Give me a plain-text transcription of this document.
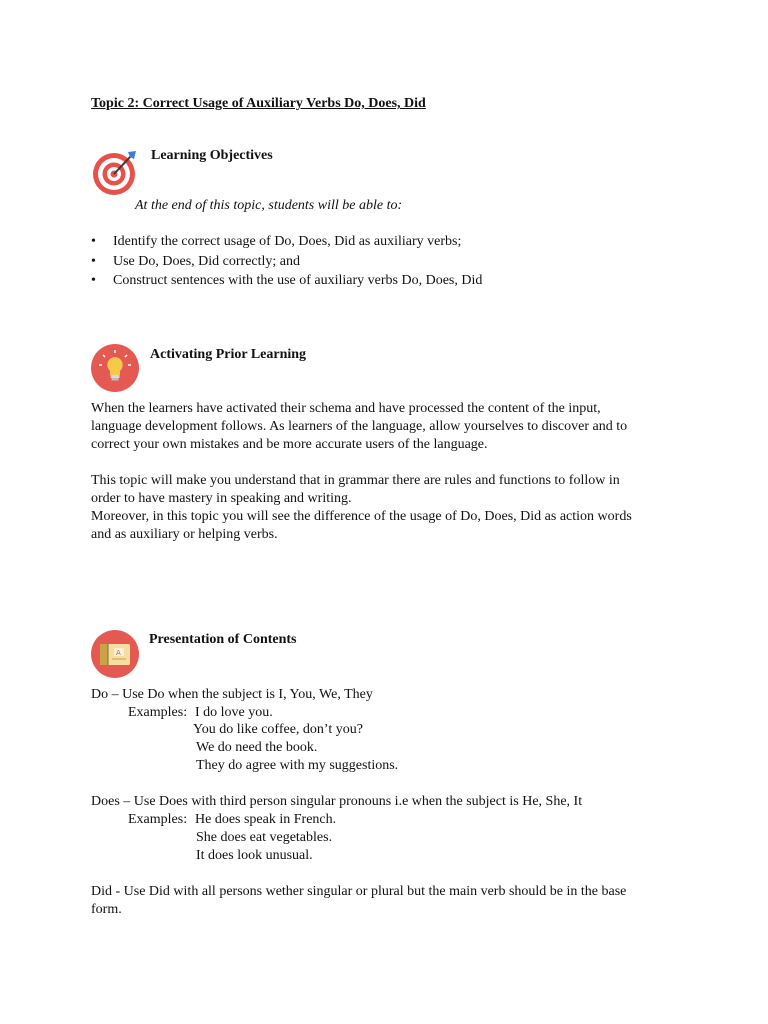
Topic 2: Correct Usage of Auxiliary Verbs Do, Does, Did
Learning Objectives
At the end of this topic, students will be able to:
• Identify the correct usage of Do, Does, Did as auxiliary verbs;
• Use Do, Does, Did correctly; and
• Construct sentences with the use of auxiliary verbs Do, Does, Did
Activating Prior Learning
When the learners have activated their schema and have processed the content of the input,
language development follows. As learners of the language, allow yourselves to discover and to
correct your own mistakes and be more accurate users of the language.
This topic will make you understand that in grammar there are rules and functions to follow in
order to have mastery in speaking and writing.
Moreover, in this topic you will see the difference of the usage of Do, Does, Did as action words
and as auxiliary or helping verbs.
A
Presentation of Contents
Do – Use Do when the subject is I, You, We, They
Examples: I do love you.
You do like coffee, don’t you?
We do need the book.
They do agree with my suggestions.
Does – Use Does with third person singular pronouns i.e when the subject is He, She, It
Examples: He does speak in French.
She does eat vegetables.
It does look unusual.
Did - Use Did with all persons wether singular or plural but the main verb should be in the base
form.
